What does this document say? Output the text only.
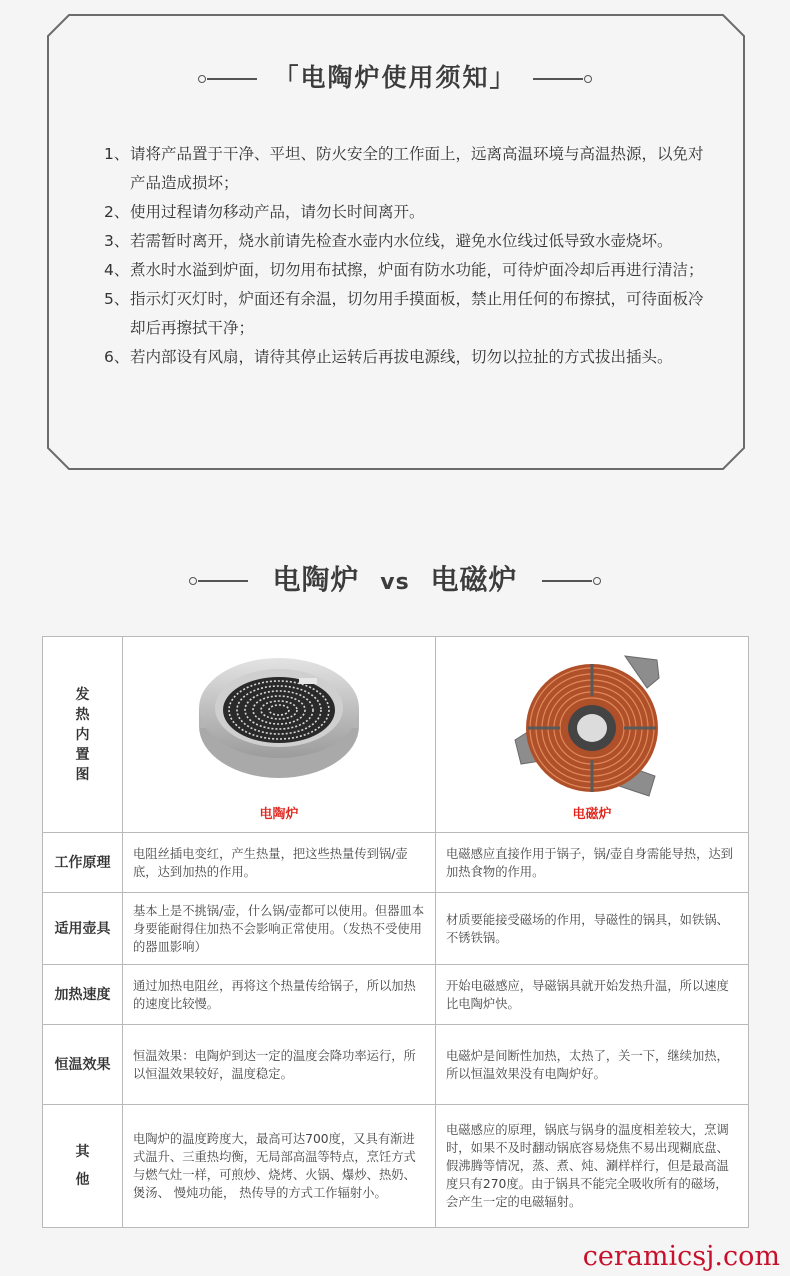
「电陶炉使用须知」
1、 请将产品置于干净、平坦、防火安全的工作面上，远离高温环境与高温热源，以免对产品造成损坏；
2、 使用过程请勿移动产品，请勿长时间离开。
3、 若需暂时离开，烧水前请先检查水壶内水位线，避免水位线过低导致水壶烧坏。
4、 煮水时水溢到炉面，切勿用布拭擦，炉面有防水功能，可待炉面冷却后再进行清洁；
5、 指示灯灭灯时，炉面还有余温，切勿用手摸面板，禁止用任何的布擦拭，可待面板冷却后再擦拭干净；
6、 若内部设有风扇，请待其停止运转后再拔电源线，切勿以拉扯的方式拔出插头。
电陶炉 vs 电磁炉
发热内置图	电陶炉	电磁炉

工作原理	电阻丝插电变红，产生热量，把这些热量传到锅/壶底，达到加热的作用。	电磁感应直接作用于锅子，锅/壶自身需能导热，达到加热食物的作用。
适用壶具	基本上是不挑锅/壶，什么锅/壶都可以使用。但器皿本身要能耐得住加热不会影响正常使用。（发热不受使用的器皿影响）	材质要能接受磁场的作用，导磁性的锅具，如铁锅、不锈铁锅。
加热速度	通过加热电阻丝，再将这个热量传给锅子，所以加热的速度比较慢。	开始电磁感应，导磁锅具就开始发热升温，所以速度比电陶炉快。
恒温效果	恒温效果：电陶炉到达一定的温度会降功率运行，所以恒温效果较好，温度稳定。	电磁炉是间断性加热，太热了，关一下，继续加热，所以恒温效果没有电陶炉好。

其他	电陶炉的温度跨度大，最高可达700度，又具有渐进式温升、三重热均衡，无局部高温等特点，烹饪方式与燃气灶一样，可煎炒、烧烤、火锅、爆炒、热奶、煲汤、 慢炖功能， 热传导的方式工作辐射小。	电磁感应的原理，锅底与锅身的温度相差较大，烹调时，如果不及时翻动锅底容易烧焦不易出现糊底盘、假沸腾等情况，蒸、煮、炖、涮样样行，但是最高温度只有270度。由于锅具不能完全吸收所有的磁场，会产生一定的电磁辐射。
ceramicsj.com
